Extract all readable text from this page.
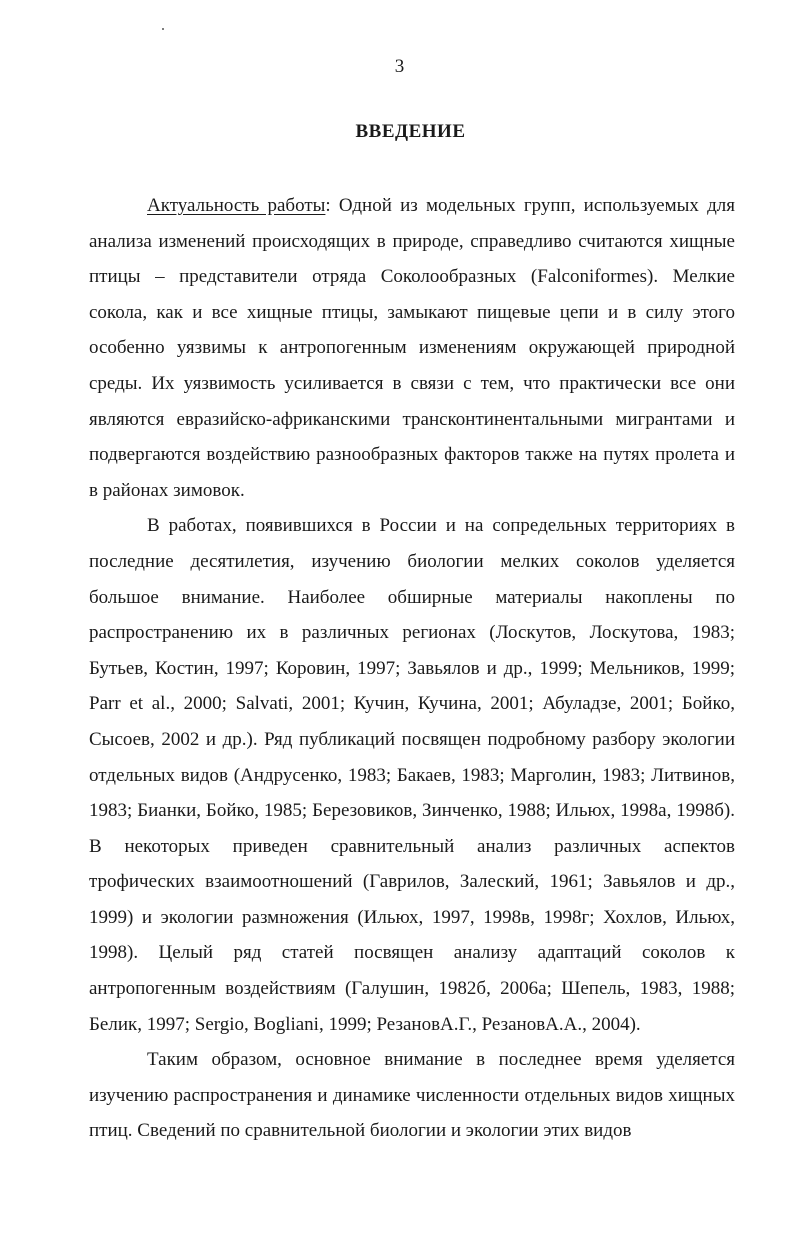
3
ВВЕДЕНИЕ

Актуальность работы: Одной из модельных групп, используемых для анализа изменений происходящих в природе, справедливо считаются хищные птицы – представители отряда Соколообразных (Falconiformes). Мелкие сокола, как и все хищные птицы, замыкают пищевые цепи и в силу этого особенно уязвимы к антропогенным изменениям окружающей природной среды. Их уязвимость усиливается в связи с тем, что практически все они являются евразийско-африканскими трансконтинентальными мигрантами и подвергаются воздействию разнообразных факторов также на путях пролета и в районах зимовок.

В работах, появившихся в России и на сопредельных территориях в последние десятилетия, изучению биологии мелких соколов уделяется большое внимание. Наиболее обширные материалы накоплены по распространению их в различных регионах (Лоскутов, Лоскутова, 1983; Бутьев, Костин, 1997; Коровин, 1997; Завьялов и др., 1999; Мельников, 1999; Parr et al., 2000; Salvati, 2001; Кучин, Кучина, 2001; Абуладзе, 2001; Бойко, Сысоев, 2002 и др.). Ряд публикаций посвящен подробному разбору экологии отдельных видов (Андрусенко, 1983; Бакаев, 1983; Марголин, 1983; Литвинов, 1983; Бианки, Бойко, 1985; Березовиков, Зинченко, 1988; Ильюх, 1998а, 1998б). В некоторых приведен сравнительный анализ различных аспектов трофических взаимоотношений (Гаврилов, Залеский, 1961; Завьялов и др., 1999) и экологии размножения (Ильюх, 1997, 1998в, 1998г; Хохлов, Ильюх, 1998). Целый ряд статей посвящен анализу адаптаций соколов к антропогенным воздействиям (Галушин, 1982б, 2006а; Шепель, 1983, 1988; Белик, 1997; Sergio, Bogliani, 1999; РезановА.Г., РезановА.А., 2004).

Таким образом, основное внимание в последнее время уделяется изучению распространения и динамике численности отдельных видов хищных птиц. Сведений по сравнительной биологии и экологии этих видов
